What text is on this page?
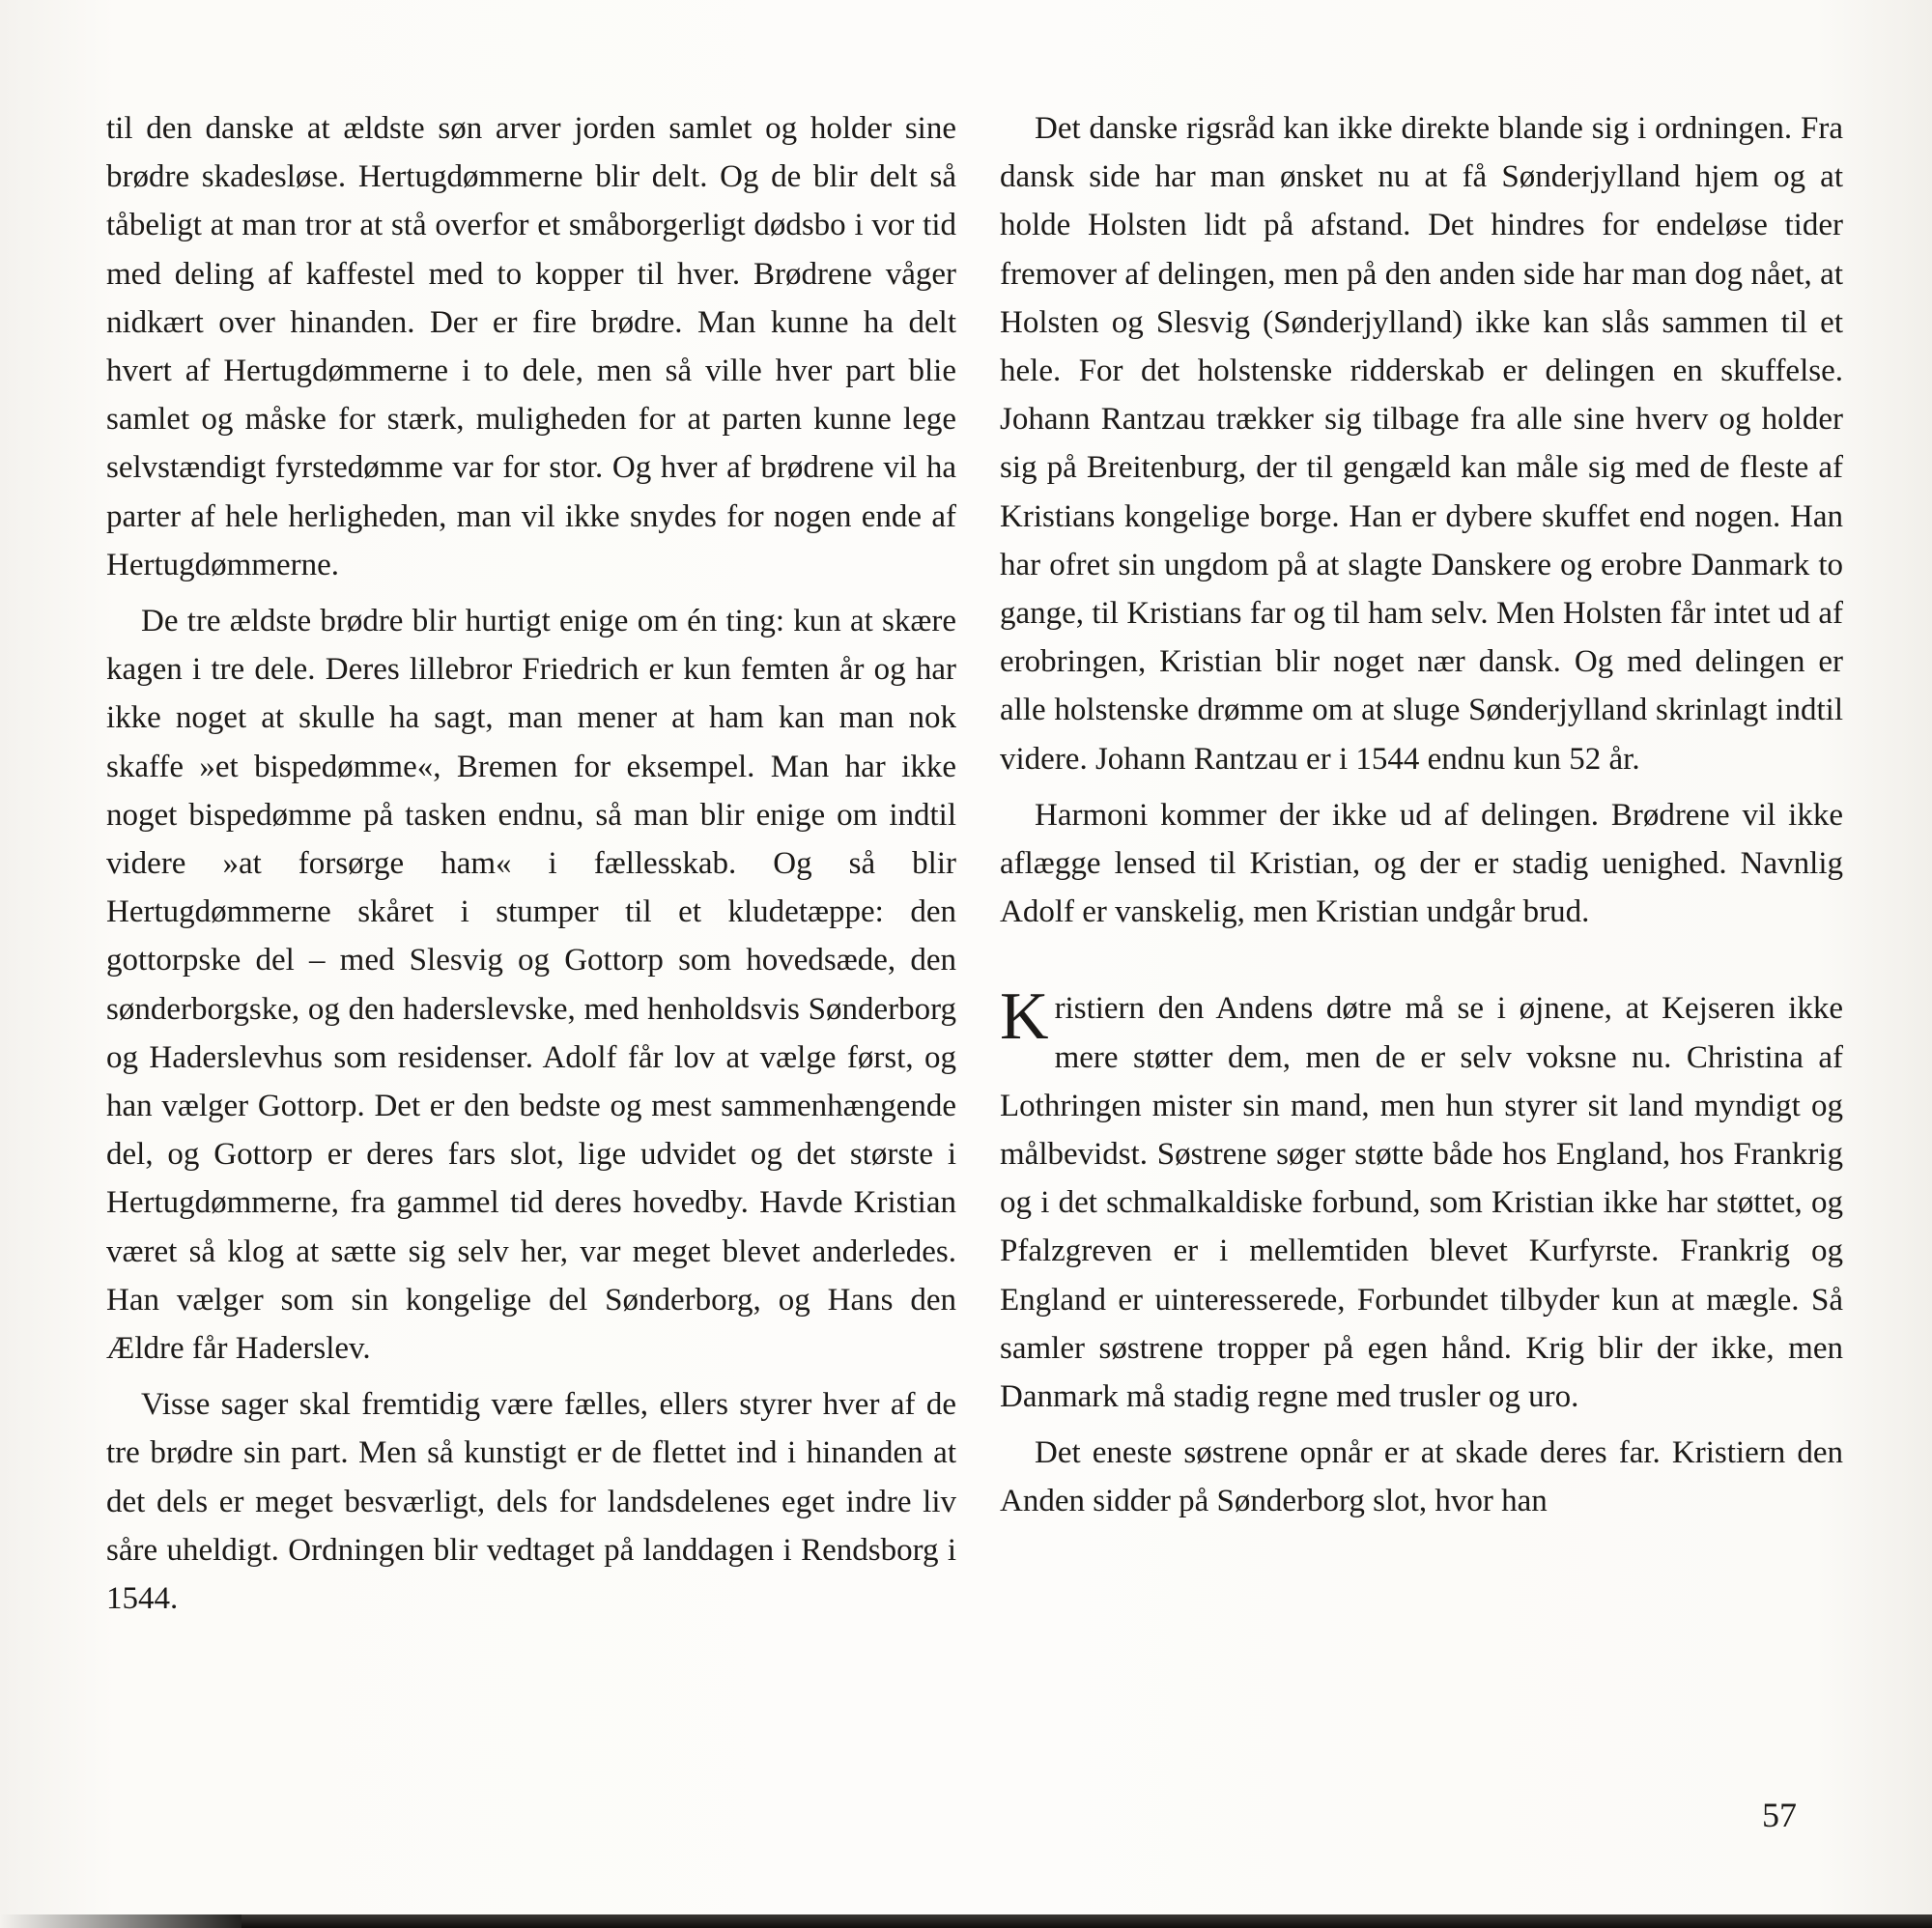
til den danske at ældste søn arver jorden samlet og holder sine brødre skadesløse. Hertugdømmerne blir delt. Og de blir delt så tåbeligt at man tror at stå overfor et småborgerligt dødsbo i vor tid med deling af kaffestel med to kopper til hver. Brødrene våger nidkært over hinanden. Der er fire brødre. Man kunne ha delt hvert af Hertugdømmerne i to dele, men så ville hver part blie samlet og måske for stærk, muligheden for at parten kunne lege selvstændigt fyrstedømme var for stor. Og hver af brødrene vil ha parter af hele herligheden, man vil ikke snydes for nogen ende af Hertugdømmerne.

De tre ældste brødre blir hurtigt enige om én ting: kun at skære kagen i tre dele. Deres lillebror Friedrich er kun femten år og har ikke noget at skulle ha sagt, man mener at ham kan man nok skaffe »et bispedømme«, Bremen for eksempel. Man har ikke noget bispedømme på tasken endnu, så man blir enige om indtil videre »at forsørge ham« i fællesskab. Og så blir Hertugdømmerne skåret i stumper til et kludetæppe: den gottorpske del – med Slesvig og Gottorp som hovedsæde, den sønderborgske, og den haderslevske, med henholdsvis Sønderborg og Haderslevhus som residenser. Adolf får lov at vælge først, og han vælger Gottorp. Det er den bedste og mest sammenhængende del, og Gottorp er deres fars slot, lige udvidet og det største i Hertugdømmerne, fra gammel tid deres hovedby. Havde Kristian været så klog at sætte sig selv her, var meget blevet anderledes. Han vælger som sin kongelige del Sønderborg, og Hans den Ældre får Haderslev.

Visse sager skal fremtidig være fælles, ellers styrer hver af de tre brødre sin part. Men så kunstigt er de flettet ind i hinanden at det dels er meget besværligt, dels for landsdelenes eget indre liv såre uheldigt. Ordningen blir vedtaget på landdagen i Rendsborg i 1544.

Det danske rigsråd kan ikke direkte blande sig i ordningen. Fra dansk side har man ønsket nu at få Sønderjylland hjem og at holde Holsten lidt på afstand. Det hindres for endeløse tider fremover af delingen, men på den anden side har man dog nået, at Holsten og Slesvig (Sønderjylland) ikke kan slås sammen til et hele. For det holstenske ridderskab er delingen en skuffelse. Johann Rantzau trækker sig tilbage fra alle sine hverv og holder sig på Breitenburg, der til gengæld kan måle sig med de fleste af Kristians kongelige borge. Han er dybere skuffet end nogen. Han har ofret sin ungdom på at slagte Danskere og erobre Danmark to gange, til Kristians far og til ham selv. Men Holsten får intet ud af erobringen, Kristian blir noget nær dansk. Og med delingen er alle holstenske drømme om at sluge Sønderjylland skrinlagt indtil videre. Johann Rantzau er i 1544 endnu kun 52 år.

Harmoni kommer der ikke ud af delingen. Brødrene vil ikke aflægge lensed til Kristian, og der er stadig uenighed. Navnlig Adolf er vanskelig, men Kristian undgår brud.

Kristiern den Andens døtre må se i øjnene, at Kejseren ikke mere støtter dem, men de er selv voksne nu. Christina af Lothringen mister sin mand, men hun styrer sit land myndigt og målbevidst. Søstrene søger støtte både hos England, hos Frankrig og i det schmalkaldiske forbund, som Kristian ikke har støttet, og Pfalzgreven er i mellemtiden blevet Kurfyrste. Frankrig og England er uinteresserede, Forbundet tilbyder kun at mægle. Så samler søstrene tropper på egen hånd. Krig blir der ikke, men Danmark må stadig regne med trusler og uro.

Det eneste søstrene opnår er at skade deres far. Kristiern den Anden sidder på Sønderborg slot, hvor han

57
